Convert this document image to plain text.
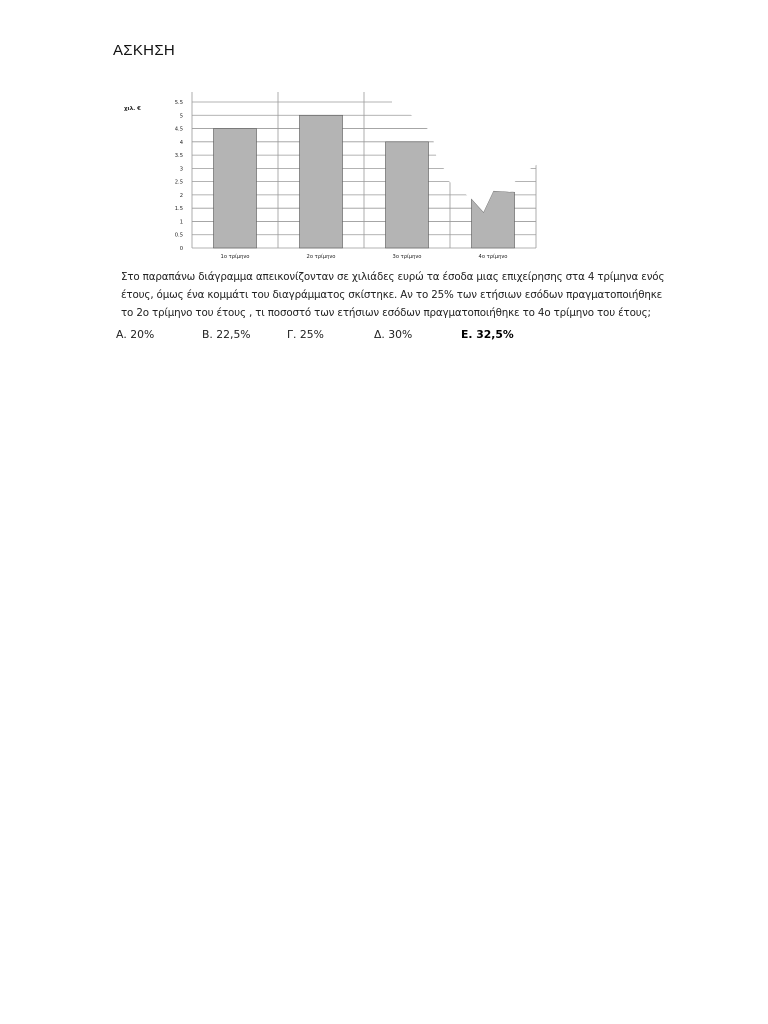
ΑΣΚΗΣΗ
0
0.5
1
1.5
2
2.5
3
3.5
4
4.5
5
5.5
1ο τρίμηνο	2ο τρίμηνο	3ο τρίμηνο	4ο τρίμηνο
χιλ. €
Στο παραπάνω διάγραμμα απεικονίζονταν σε χιλιάδες ευρώ τα έσοδα μιας επιχείρησης στα 4 τρίμηνα ενός
έτους, όμως ένα κομμάτι του διαγράμματος σκίστηκε. Αν το 25% των ετήσιων εσόδων πραγματοποιήθηκε
το 2ο τρίμηνο του έτους , τι ποσοστό των ετήσιων εσόδων πραγματοποιήθηκε το 4ο τρίμηνο του έτους;
Α. 20%	Β. 22,5%	Γ. 25%	Δ. 30%	Ε. 32,5%
